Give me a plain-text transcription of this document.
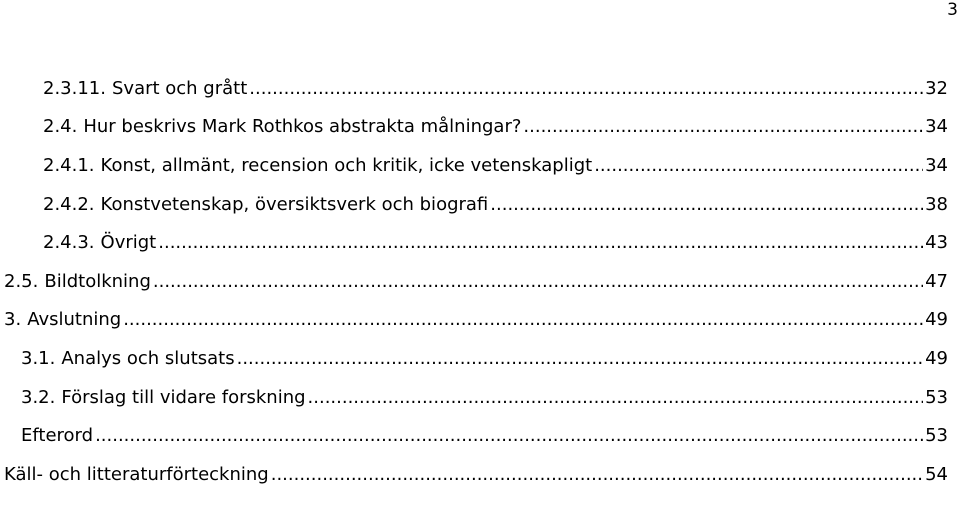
3
2.3.11. Svart och grått .....	32
2.4. Hur beskrivs Mark Rothkos abstrakta målningar? .....	34
2.4.1. Konst, allmänt, recension och kritik, icke vetenskapligt .....	34
2.4.2. Konstvetenskap, översiktsverk och biografi .....	38
2.4.3. Övrigt .....	43
2.5. Bildtolkning .....	47
3. Avslutning .....	49
3.1. Analys och slutsats .....	49
3.2. Förslag till vidare forskning .....	53
Efterord .....	53
Käll- och litteraturförteckning .....	54
